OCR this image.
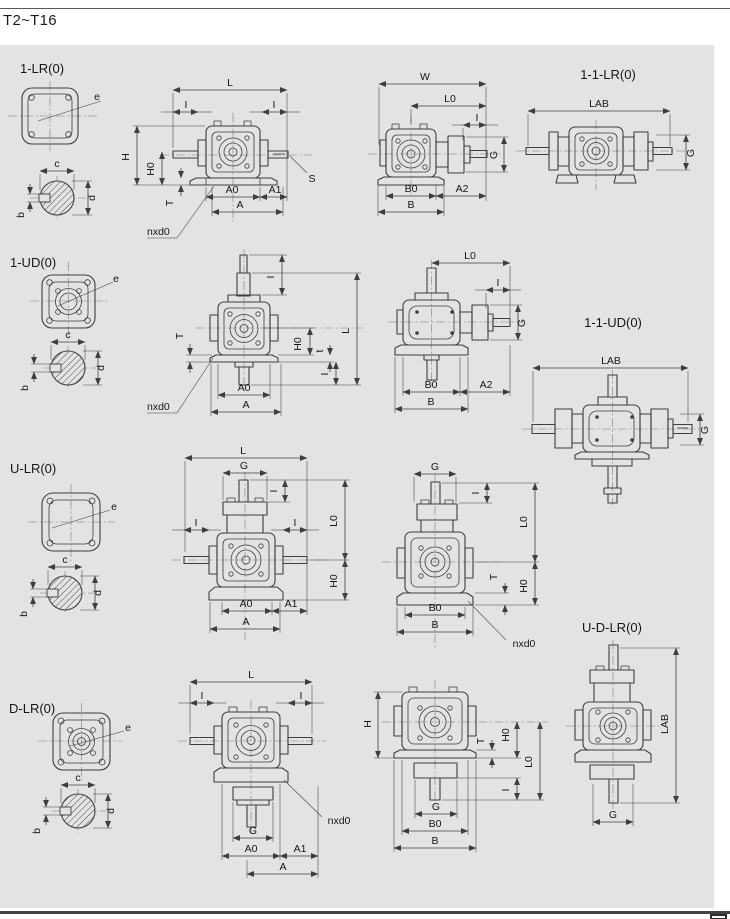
T2~T16
1-LR(0)
e
c
d
b
L
I	I
H
H0
T
S
nxd0
A0	A1
A
W
L0
I
G
B0	A2
B
1-1-LR(0)
LAB
G
1-UD(0)
e
c
d
b
I
L
T
H0
t
I
A0
A
nxd0
L0
I
G
B0	A2
B
1-1-UD(0)
LAB
G
U-LR(0)
e
c
d
b
L
G
I
I	I	L0
H0
A0	A1
A
G
I
L0
T
H0
B0
B
nxd0
U-D-LR(0)
LAB
G
D-LR(0)
e
c
d
b
L
I	I
G
A0	A1
A
nxd0
H
T H0
L0
I
G
B0
B
